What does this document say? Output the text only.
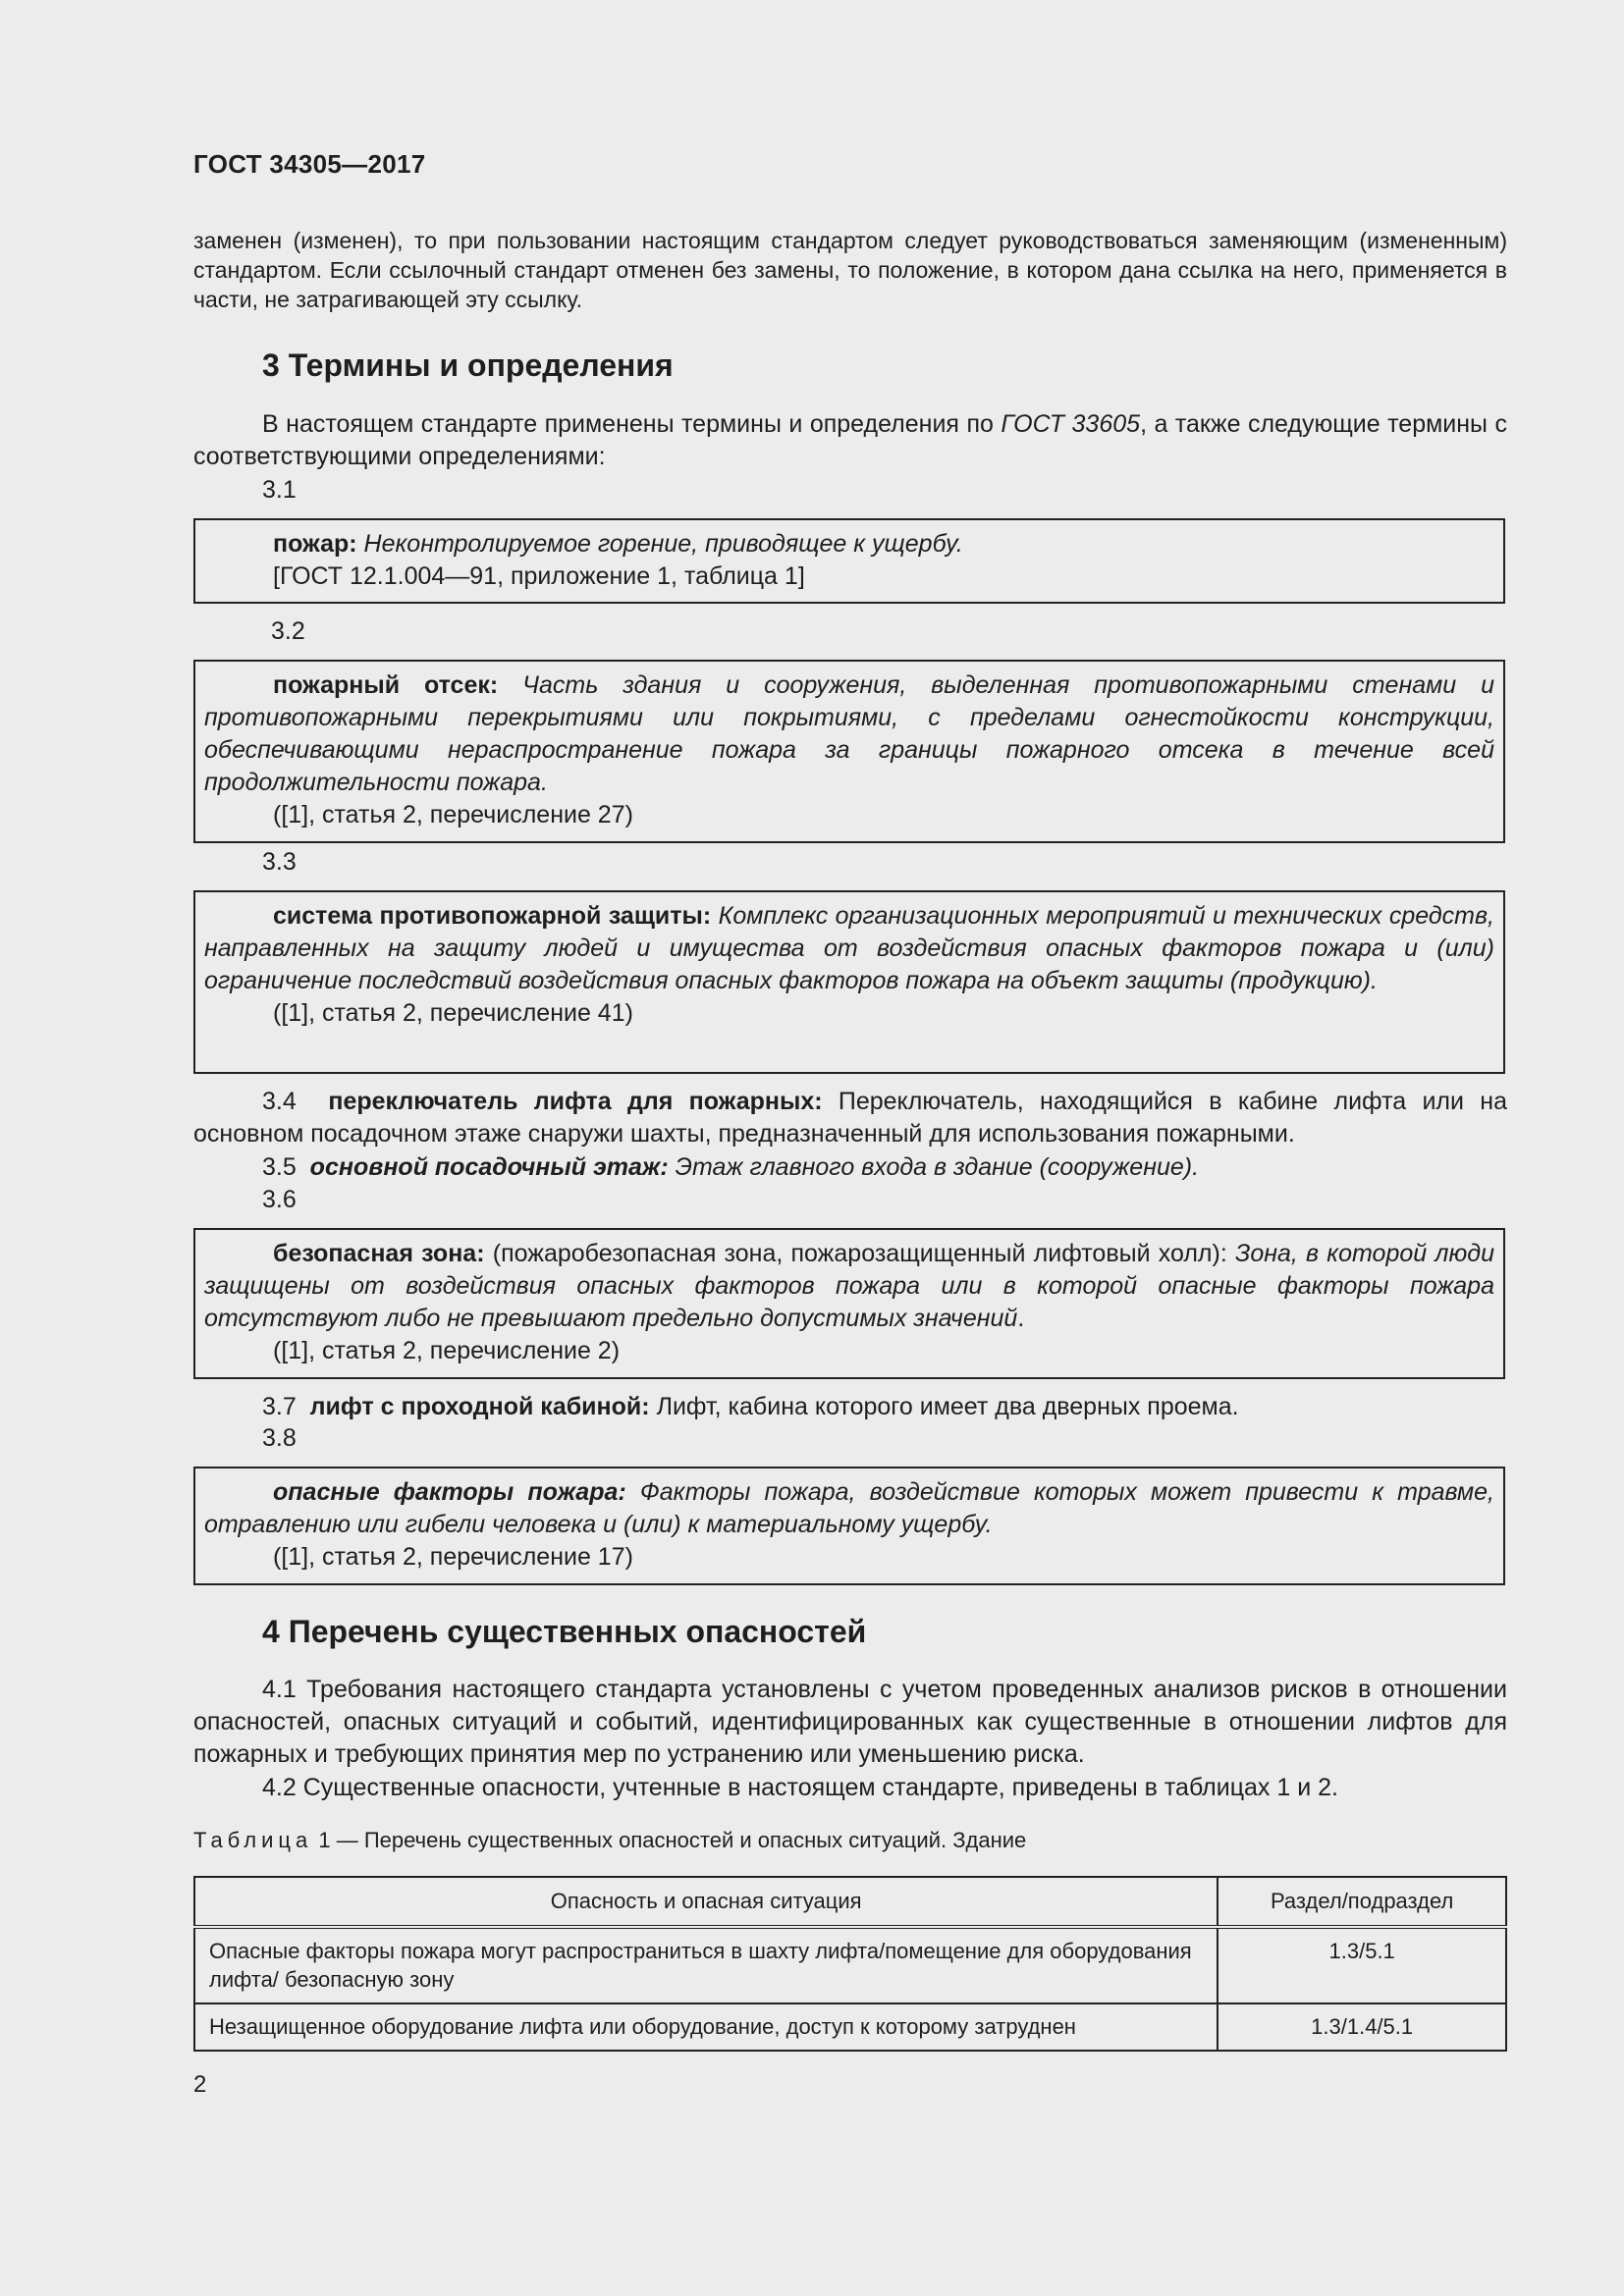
ГОСТ 34305—2017

заменен (изменен), то при пользовании настоящим стандартом следует руководствоваться заменяющим (измененным) стандартом. Если ссылочный стандарт отменен без замены, то положение, в котором дана ссылка на него, применяется в части, не затрагивающей эту ссылку.

3 Термины и определения

В настоящем стандарте применены термины и определения по ГОСТ 33605, а также следующие термины с соответствующими определениями:

3.1

пожар: Неконтролируемое горение, приводящее к ущербу.

[ГОСТ 12.1.004—91, приложение 1, таблица 1]

3.2

пожарный отсек: Часть здания и сооружения, выделенная противопожарными стенами и противопожарными перекрытиями или покрытиями, с пределами огнестойкости конструкции, обеспечивающими нераспространение пожара за границы пожарного отсека в течение всей продолжительности пожара.

([1], статья 2, перечисление 27)

3.3

система противопожарной защиты: Комплекс организационных мероприятий и технических средств, направленных на защиту людей и имущества от воздействия опасных факторов пожара и (или) ограничение последствий воздействия опасных факторов пожара на объект защиты (продукцию).

([1], статья 2, перечисление 41)

3.4 переключатель лифта для пожарных: Переключатель, находящийся в кабине лифта или на основном посадочном этаже снаружи шахты, предназначенный для использования пожарными.

3.5 основной посадочный этаж: Этаж главного входа в здание (сооружение).

3.6

безопасная зона: (пожаробезопасная зона, пожарозащищенный лифтовый холл): Зона, в которой люди защищены от воздействия опасных факторов пожара или в которой опасные факторы пожара отсутствуют либо не превышают предельно допустимых значений.

([1], статья 2, перечисление 2)

3.7 лифт с проходной кабиной: Лифт, кабина которого имеет два дверных проема.

3.8

опасные факторы пожара: Факторы пожара, воздействие которых может привести к травме, отравлению или гибели человека и (или) к материальному ущербу.

([1], статья 2, перечисление 17)

4 Перечень существенных опасностей

4.1 Требования настоящего стандарта установлены с учетом проведенных анализов рисков в отношении опасностей, опасных ситуаций и событий, идентифицированных как существенные в отношении лифтов для пожарных и требующих принятия мер по устранению или уменьшению риска.

4.2 Существенные опасности, учтенные в настоящем стандарте, приведены в таблицах 1 и 2.

Таблица 1 — Перечень существенных опасностей и опасных ситуаций. Здание
Опасность и опасная ситуация	Раздел/подраздел
Опасные факторы пожара могут распространиться в шахту лифта/помещение для оборудования лифта/ безопасную зону	1.3/5.1
Незащищенное оборудование лифта или оборудование, доступ к которому затруднен	1.3/1.4/5.1
2
